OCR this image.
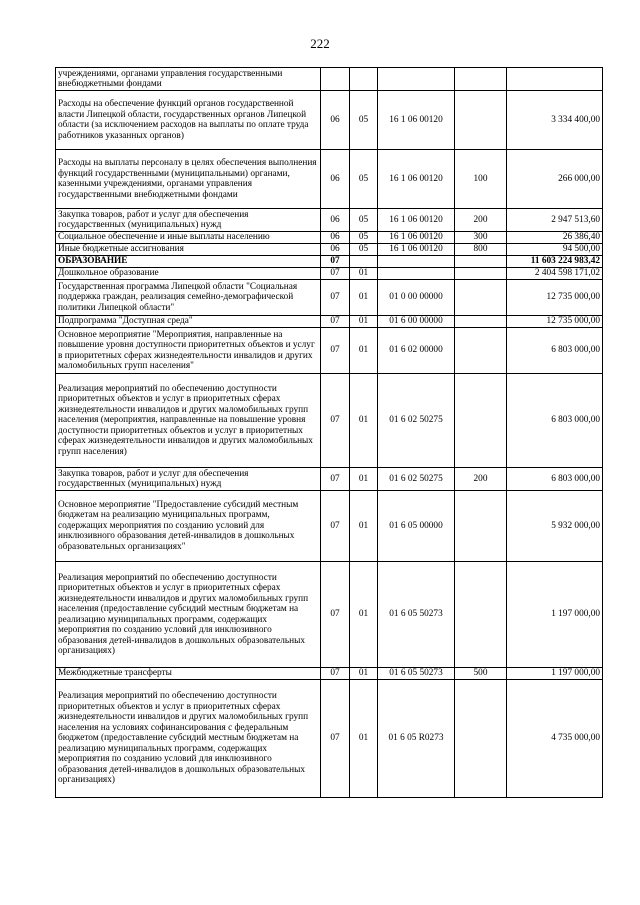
222
учреждениями, органами управления государственными внебюджетными фондами					
Расходы на обеспечение функций органов государственной власти Липецкой области, государственных органов Липецкой области (за исключением расходов на выплаты по оплате труда работников указанных органов)	06	05	16 1 06 00120		3 334 400,00
Расходы на выплаты персоналу в целях обеспечения выполнения функций государственными (муниципальными) органами, казенными учреждениями, органами управления государственными внебюджетными фондами	06	05	16 1 06 00120	100	266 000,00
Закупка товаров, работ и услуг для обеспечения государственных (муниципальных) нужд	06	05	16 1 06 00120	200	2 947 513,60
Социальное обеспечение и иные выплаты населению	06	05	16 1 06 00120	300	26 386,40
Иные бюджетные ассигнования	06	05	16 1 06 00120	800	94 500,00
ОБРАЗОВАНИЕ	07				11 603 224 983,42
Дошкольное образование	07	01			2 404 598 171,02
Государственная программа Липецкой области "Социальная поддержка граждан, реализация семейно-демографической политики Липецкой области"	07	01	01 0 00 00000		12 735 000,00
Подпрограмма "Доступная среда"	07	01	01 6 00 00000		12 735 000,00
Основное мероприятие "Мероприятия, направленные на повышение уровня доступности приоритетных объектов и услуг в приоритетных сферах жизнедеятельности инвалидов и других маломобильных групп населения"	07	01	01 6 02 00000		6 803 000,00
Реализация мероприятий по обеспечению доступности приоритетных объектов и услуг в приоритетных сферах жизнедеятельности инвалидов и других маломобильных групп населения (мероприятия, направленные на повышение уровня доступности приоритетных объектов и услуг в приоритетных сферах жизнедеятельности инвалидов и других маломобильных групп населения)	07	01	01 6 02 50275		6 803 000,00
Закупка товаров, работ и услуг для обеспечения государственных (муниципальных) нужд	07	01	01 6 02 50275	200	6 803 000,00
Основное мероприятие "Предоставление субсидий местным бюджетам на реализацию муниципальных программ, содержащих мероприятия по созданию условий для инклюзивного образования детей-инвалидов в дошкольных образовательных организациях"	07	01	01 6 05 00000		5 932 000,00
Реализация мероприятий по обеспечению доступности приоритетных объектов и услуг в приоритетных сферах жизнедеятельности инвалидов и других маломобильных групп населения (предоставление субсидий местным бюджетам на реализацию муниципальных программ, содержащих мероприятия по созданию условий для инклюзивного образования детей-инвалидов в дошкольных образовательных организациях)	07	01	01 6 05 50273		1 197 000,00
Межбюджетные трансферты	07	01	01 6 05 50273	500	1 197 000,00
Реализация мероприятий по обеспечению доступности приоритетных объектов и услуг в приоритетных сферах жизнедеятельности инвалидов и других маломобильных групп населения на условиях софинансирования с федеральным бюджетом (предоставление субсидий местным бюджетам на реализацию муниципальных программ, содержащих мероприятия по созданию условий для инклюзивного образования детей-инвалидов в дошкольных образовательных организациях)	07	01	01 6 05 R0273		4 735 000,00
